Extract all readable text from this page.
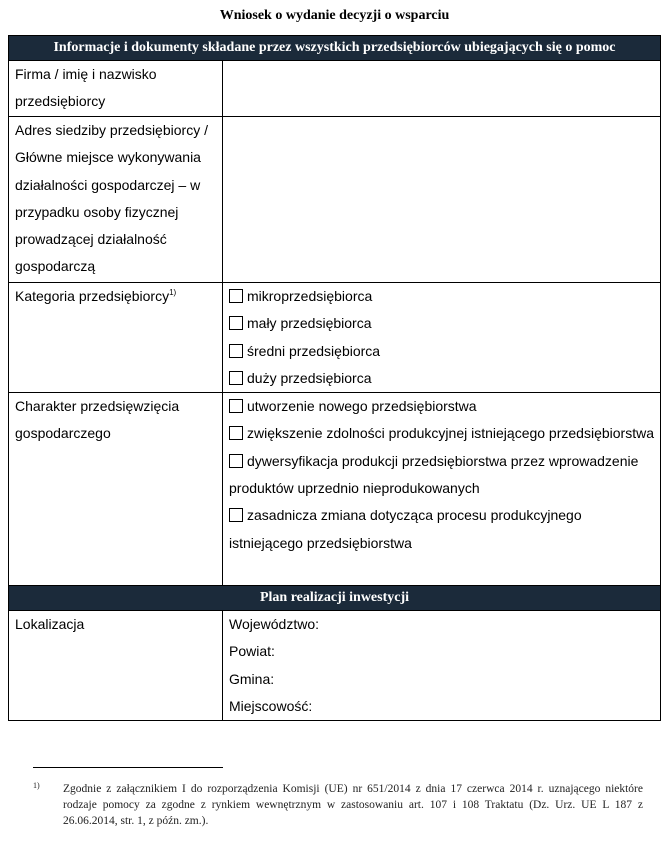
Wniosek o wydanie decyzji o wsparciu
Informacje i dokumenty składane przez wszystkich przedsiębiorców ubiegających się o pomoc	
Firma / imię i nazwisko przedsiębiorcy	
Adres siedziby przedsiębiorcy / Główne miejsce wykonywania działalności gospodarczej – w przypadku osoby fizycznej prowadzącej działalność gospodarczą	
Kategoria przedsiębiorcy$^{1)}$	mikroprzedsiębiorca
mały przedsiębiorca
średni przedsiębiorca
duży przedsiębiorca

Charakter przedsięwzięcia gospodarczego	utworzenie nowego przedsiębiorstwa
zwiększenie zdolności produkcyjnej istniejącego przedsiębiorstwa
dywersyfikacja produkcji przedsiębiorstwa przez wprowadzenie produktów uprzednio nieprodukowanych
zasadnicza zmiana dotycząca procesu produkcyjnego istniejącego przedsiębiorstwa

Plan realizacji inwestycji	
Lokalizacja	Województwo:
Powiat:
Gmina:
Miejscowość:
1) Zgodnie z załącznikiem I do rozporządzenia Komisji (UE) nr 651/2014 z dnia 17 czerwca 2014 r. uznającego niektóre rodzaje pomocy za zgodne z rynkiem wewnętrznym w zastosowaniu art. 107 i 108 Traktatu (Dz. Urz. UE L 187 z 26.06.2014, str. 1, z późn. zm.).
